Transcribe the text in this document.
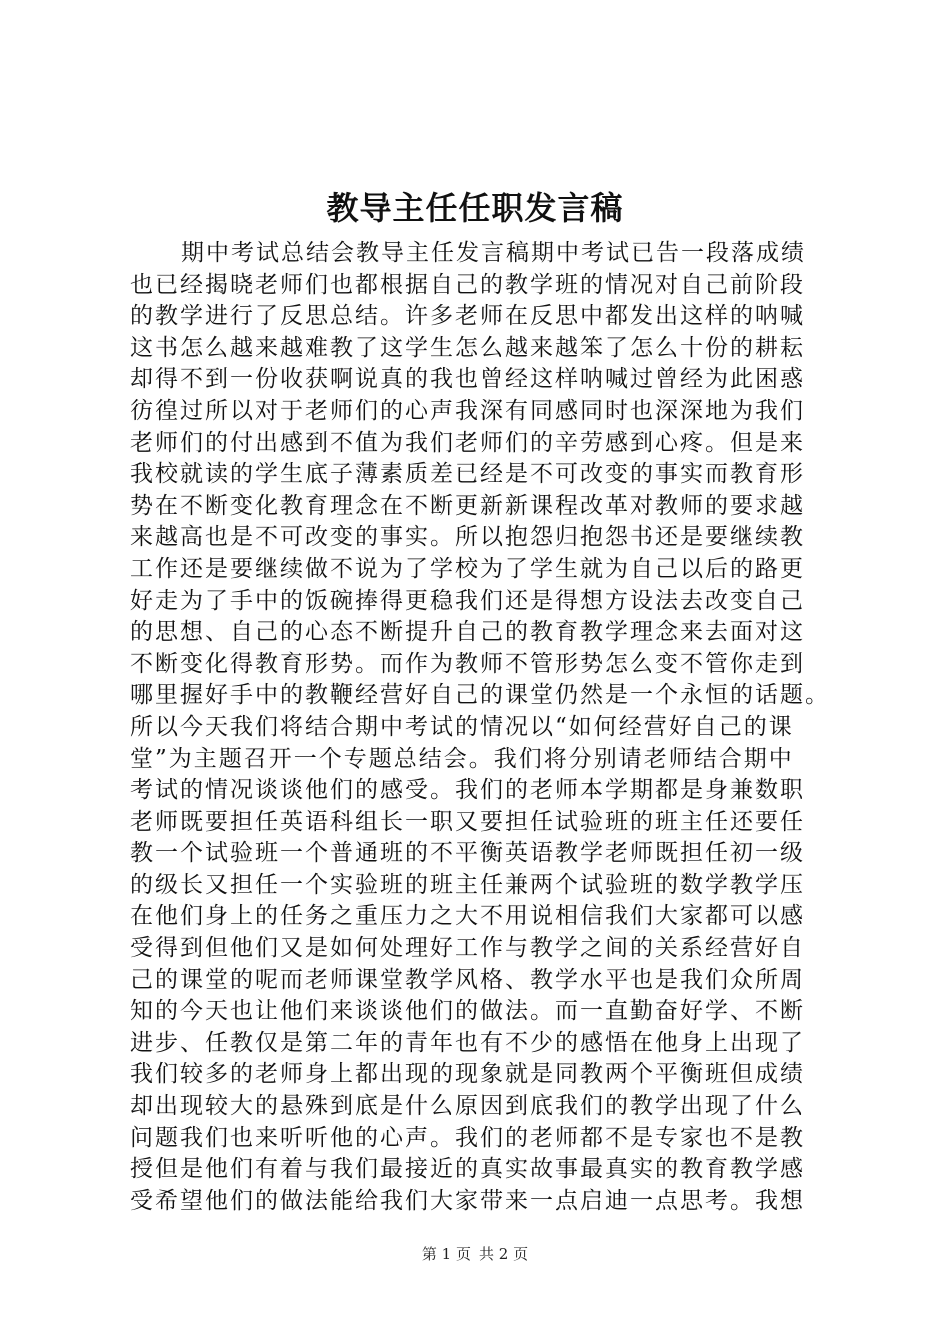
教导主任任职发言稿
期中考试总结会教导主任发言稿期中考试已告一段落成绩
也已经揭晓老师们也都根据自己的教学班的情况对自己前阶段
的教学进行了反思总结。许多老师在反思中都发出这样的呐喊
这书怎么越来越难教了这学生怎么越来越笨了怎么十份的耕耘
却得不到一份收获啊说真的我也曾经这样呐喊过曾经为此困惑
彷徨过所以对于老师们的心声我深有同感同时也深深地为我们
老师们的付出感到不值为我们老师们的辛劳感到心疼。但是来
我校就读的学生底子薄素质差已经是不可改变的事实而教育形
势在不断变化教育理念在不断更新新课程改革对教师的要求越
来越高也是不可改变的事实。所以抱怨归抱怨书还是要继续教
工作还是要继续做不说为了学校为了学生就为自己以后的路更
好走为了手中的饭碗捧得更稳我们还是得想方设法去改变自己
的思想、自己的心态不断提升自己的教育教学理念来去面对这
不断变化得教育形势。而作为教师不管形势怎么变不管你走到
哪里握好手中的教鞭经营好自己的课堂仍然是一个永恒的话题。
所以今天我们将结合期中考试的情况以“如何经营好自己的课
堂”为主题召开一个专题总结会。我们将分别请老师结合期中
考试的情况谈谈他们的感受。我们的老师本学期都是身兼数职
老师既要担任英语科组长一职又要担任试验班的班主任还要任
教一个试验班一个普通班的不平衡英语教学老师既担任初一级
的级长又担任一个实验班的班主任兼两个试验班的数学教学压
在他们身上的任务之重压力之大不用说相信我们大家都可以感
受得到但他们又是如何处理好工作与教学之间的关系经营好自
己的课堂的呢而老师课堂教学风格、教学水平也是我们众所周
知的今天也让他们来谈谈他们的做法。而一直勤奋好学、不断
进步、任教仅是第二年的青年也有不少的感悟在他身上出现了
我们较多的老师身上都出现的现象就是同教两个平衡班但成绩
却出现较大的悬殊到底是什么原因到底我们的教学出现了什么
问题我们也来听听他的心声。我们的老师都不是专家也不是教
授但是他们有着与我们最接近的真实故事最真实的教育教学感
受希望他们的做法能给我们大家带来一点启迪一点思考。我想
第 1 页 共 2 页
